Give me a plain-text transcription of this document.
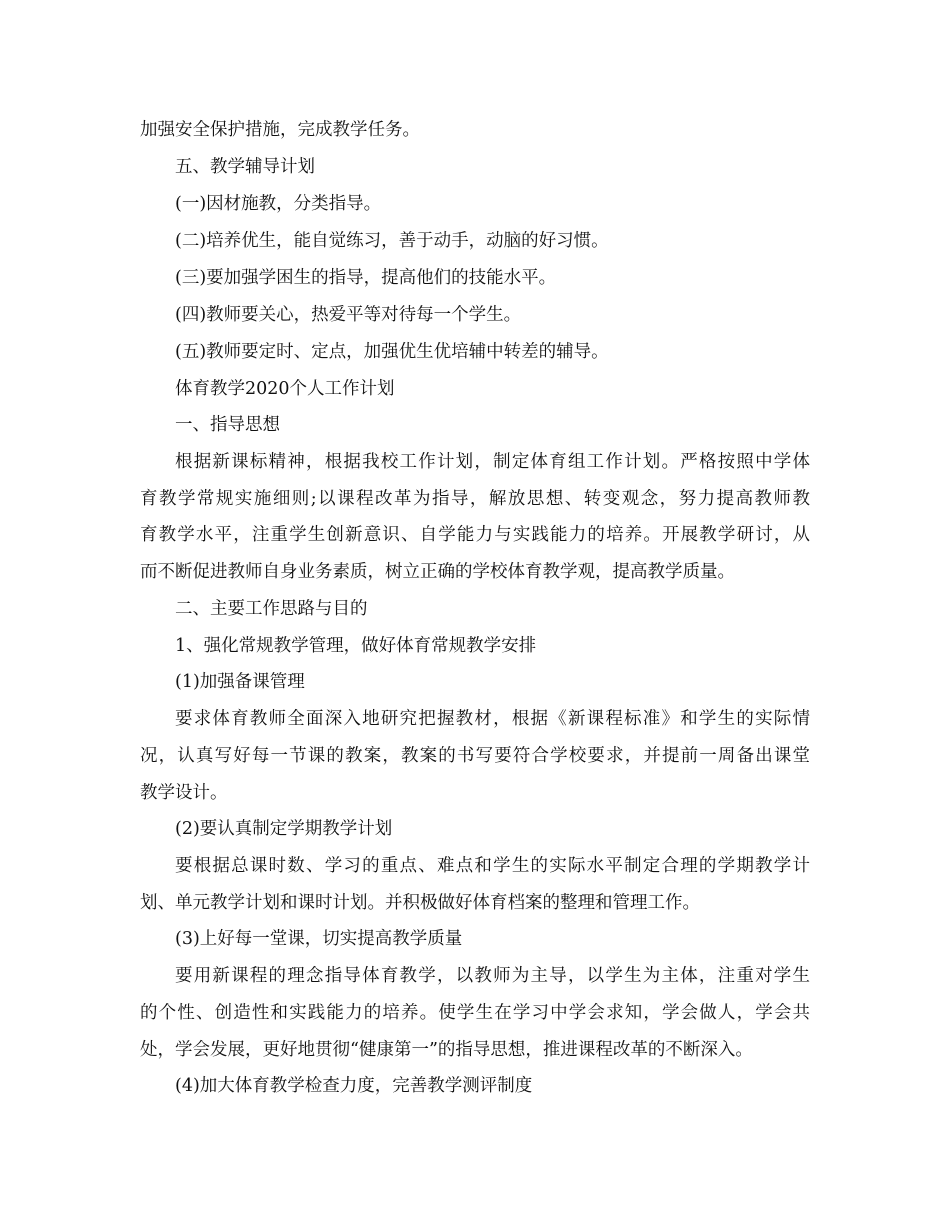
加强安全保护措施，完成教学任务。
五、教学辅导计划
(一)因材施教，分类指导。
(二)培养优生，能自觉练习，善于动手，动脑的好习惯。
(三)要加强学困生的指导，提高他们的技能水平。
(四)教师要关心，热爱平等对待每一个学生。
(五)教师要定时、定点，加强优生优培辅中转差的辅导。
体育教学2020个人工作计划
一、指导思想
根据新课标精神，根据我校工作计划，制定体育组工作计划。严格按照中学体
育教学常规实施细则;以课程改革为指导，解放思想、转变观念，努力提高教师教
育教学水平，注重学生创新意识、自学能力与实践能力的培养。开展教学研讨，从
而不断促进教师自身业务素质，树立正确的学校体育教学观，提高教学质量。
二、主要工作思路与目的
1、强化常规教学管理，做好体育常规教学安排
(1)加强备课管理
要求体育教师全面深入地研究把握教材，根据《新课程标准》和学生的实际情
况，认真写好每一节课的教案，教案的书写要符合学校要求，并提前一周备出课堂
教学设计。
(2)要认真制定学期教学计划
要根据总课时数、学习的重点、难点和学生的实际水平制定合理的学期教学计
划、单元教学计划和课时计划。并积极做好体育档案的整理和管理工作。
(3)上好每一堂课，切实提高教学质量
要用新课程的理念指导体育教学，以教师为主导，以学生为主体，注重对学生
的个性、创造性和实践能力的培养。使学生在学习中学会求知，学会做人，学会共
处，学会发展，更好地贯彻“健康第一”的指导思想，推进课程改革的不断深入。
(4)加大体育教学检查力度，完善教学测评制度
